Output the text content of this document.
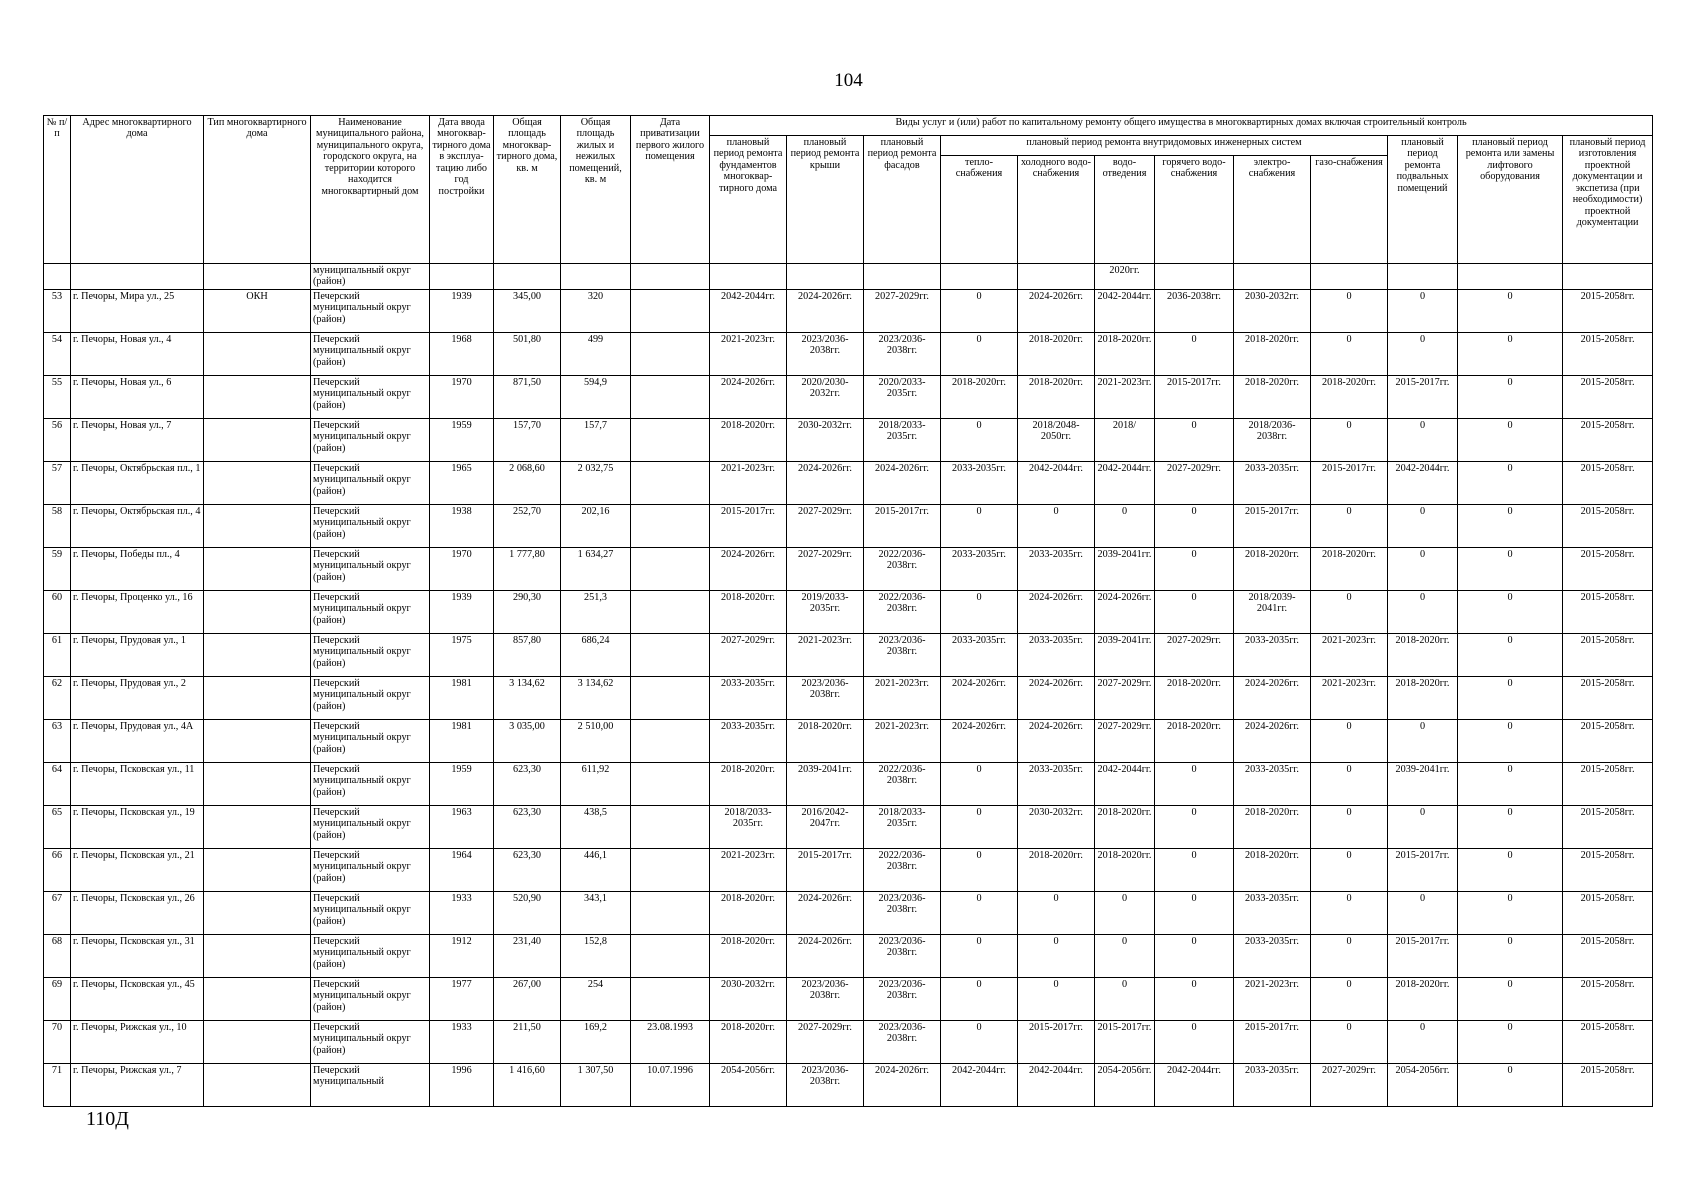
104
№ п/п	Адрес многоквартирного дома	Тип многоквартирного дома	Наименование муниципального района, муниципального округа, городского округа, на территории которого находится многоквартирный дом	Дата ввода многоквар-тирного дома в эксплуа-тацию либо год постройки	Общая площадь многоквар-тирного дома, кв. м	Общая площадь жилых и нежилых помещений, кв. м	Дата приватизации первого жилого помещения	Виды услуг и (или) работ по капитальному ремонту общего имущества в многоквартирных домах включая строительный контроль											
								плановый период ремонта фундаментов многоквар-тирного дома	плановый период ремонта крыши	плановый период ремонта фасадов	плановый период ремонта внутридомовых инженерных систем						плановый период ремонта подвальных помещений	плановый период ремонта или замены лифтового оборудования	плановый период изготовления проектной документации и экспетиза (при необходимости) проектной документации
											тепло-снабжения	холодного водо-снабжения	водо-отведения	горячего водо-снабжения	электро-снабжения	газо-снабжения			
			муниципальный округ (район)										2020гг.						
53	г. Печоры, Мира ул., 25	ОКН	Печерский муниципальный округ (район)	1939	345,00	320		2042-2044гг.	2024-2026гг.	2027-2029гг.	0	2024-2026гг.	2042-2044гг.	2036-2038гг.	2030-2032гг.	0	0	0	2015-2058гг.
54	г. Печоры, Новая ул., 4		Печерский муниципальный округ (район)	1968	501,80	499		2021-2023гг.	2023/2036-2038гг.	2023/2036-2038гг.	0	2018-2020гг.	2018-2020гг.	0	2018-2020гг.	0	0	0	2015-2058гг.
55	г. Печоры, Новая ул., 6		Печерский муниципальный округ (район)	1970	871,50	594,9		2024-2026гг.	2020/2030-2032гг.	2020/2033-2035гг.	2018-2020гг.	2018-2020гг.	2021-2023гг.	2015-2017гг.	2018-2020гг.	2018-2020гг.	2015-2017гг.	0	2015-2058гг.
56	г. Печоры, Новая ул., 7		Печерский муниципальный округ (район)	1959	157,70	157,7		2018-2020гг.	2030-2032гг.	2018/2033-2035гг.	0	2018/2048-2050гг.	2018/	0	2018/2036-2038гг.	0	0	0	2015-2058гг.
57	г. Печоры, Октябрьская пл., 1		Печерский муниципальный округ (район)	1965	2 068,60	2 032,75		2021-2023гг.	2024-2026гг.	2024-2026гг.	2033-2035гг.	2042-2044гг.	2042-2044гг.	2027-2029гг.	2033-2035гг.	2015-2017гг.	2042-2044гг.	0	2015-2058гг.
58	г. Печоры, Октябрьская пл., 4		Печерский муниципальный округ (район)	1938	252,70	202,16		2015-2017гг.	2027-2029гг.	2015-2017гг.	0	0	0	0	2015-2017гг.	0	0	0	2015-2058гг.
59	г. Печоры, Победы пл., 4		Печерский муниципальный округ (район)	1970	1 777,80	1 634,27		2024-2026гг.	2027-2029гг.	2022/2036-2038гг.	2033-2035гг.	2033-2035гг.	2039-2041гг.	0	2018-2020гг.	2018-2020гг.	0	0	2015-2058гг.
60	г. Печоры, Проценко ул., 16		Печерский муниципальный округ (район)	1939	290,30	251,3		2018-2020гг.	2019/2033-2035гг.	2022/2036-2038гг.	0	2024-2026гг.	2024-2026гг.	0	2018/2039-2041гг.	0	0	0	2015-2058гг.
61	г. Печоры, Прудовая ул., 1		Печерский муниципальный округ (район)	1975	857,80	686,24		2027-2029гг.	2021-2023гг.	2023/2036-2038гг.	2033-2035гг.	2033-2035гг.	2039-2041гг.	2027-2029гг.	2033-2035гг.	2021-2023гг.	2018-2020гг.	0	2015-2058гг.
62	г. Печоры, Прудовая ул., 2		Печерский муниципальный округ (район)	1981	3 134,62	3 134,62		2033-2035гг.	2023/2036-2038гг.	2021-2023гг.	2024-2026гг.	2024-2026гг.	2027-2029гг.	2018-2020гг.	2024-2026гг.	2021-2023гг.	2018-2020гг.	0	2015-2058гг.
63	г. Печоры, Прудовая ул., 4А		Печерский муниципальный округ (район)	1981	3 035,00	2 510,00		2033-2035гг.	2018-2020гг.	2021-2023гг.	2024-2026гг.	2024-2026гг.	2027-2029гг.	2018-2020гг.	2024-2026гг.	0	0	0	2015-2058гг.
64	г. Печоры, Псковская ул., 11		Печерский муниципальный округ (район)	1959	623,30	611,92		2018-2020гг.	2039-2041гг.	2022/2036-2038гг.	0	2033-2035гг.	2042-2044гг.	0	2033-2035гг.	0	2039-2041гг.	0	2015-2058гг.
65	г. Печоры, Псковская ул., 19		Печерский муниципальный округ (район)	1963	623,30	438,5		2018/2033-2035гг.	2016/2042-2047гг.	2018/2033-2035гг.	0	2030-2032гг.	2018-2020гг.	0	2018-2020гг.	0	0	0	2015-2058гг.
66	г. Печоры, Псковская ул., 21		Печерский муниципальный округ (район)	1964	623,30	446,1		2021-2023гг.	2015-2017гг.	2022/2036-2038гг.	0	2018-2020гг.	2018-2020гг.	0	2018-2020гг.	0	2015-2017гг.	0	2015-2058гг.
67	г. Печоры, Псковская ул., 26		Печерский муниципальный округ (район)	1933	520,90	343,1		2018-2020гг.	2024-2026гг.	2023/2036-2038гг.	0	0	0	0	2033-2035гг.	0	0	0	2015-2058гг.
68	г. Печоры, Псковская ул., 31		Печерский муниципальный округ (район)	1912	231,40	152,8		2018-2020гг.	2024-2026гг.	2023/2036-2038гг.	0	0	0	0	2033-2035гг.	0	2015-2017гг.	0	2015-2058гг.
69	г. Печоры, Псковская ул., 45		Печерский муниципальный округ (район)	1977	267,00	254		2030-2032гг.	2023/2036-2038гг.	2023/2036-2038гг.	0	0	0	0	2021-2023гг.	0	2018-2020гг.	0	2015-2058гг.
70	г. Печоры, Рижская ул., 10		Печерский муниципальный округ (район)	1933	211,50	169,2	23.08.1993	2018-2020гг.	2027-2029гг.	2023/2036-2038гг.	0	2015-2017гг.	2015-2017гг.	0	2015-2017гг.	0	0	0	2015-2058гг.
71	г. Печоры, Рижская ул., 7		Печерский муниципальный	1996	1 416,60	1 307,50	10.07.1996	2054-2056гг.	2023/2036-2038гг.	2024-2026гг.	2042-2044гг.	2042-2044гг.	2054-2056гг.	2042-2044гг.	2033-2035гг.	2027-2029гг.	2054-2056гг.	0	2015-2058гг.
110Д
